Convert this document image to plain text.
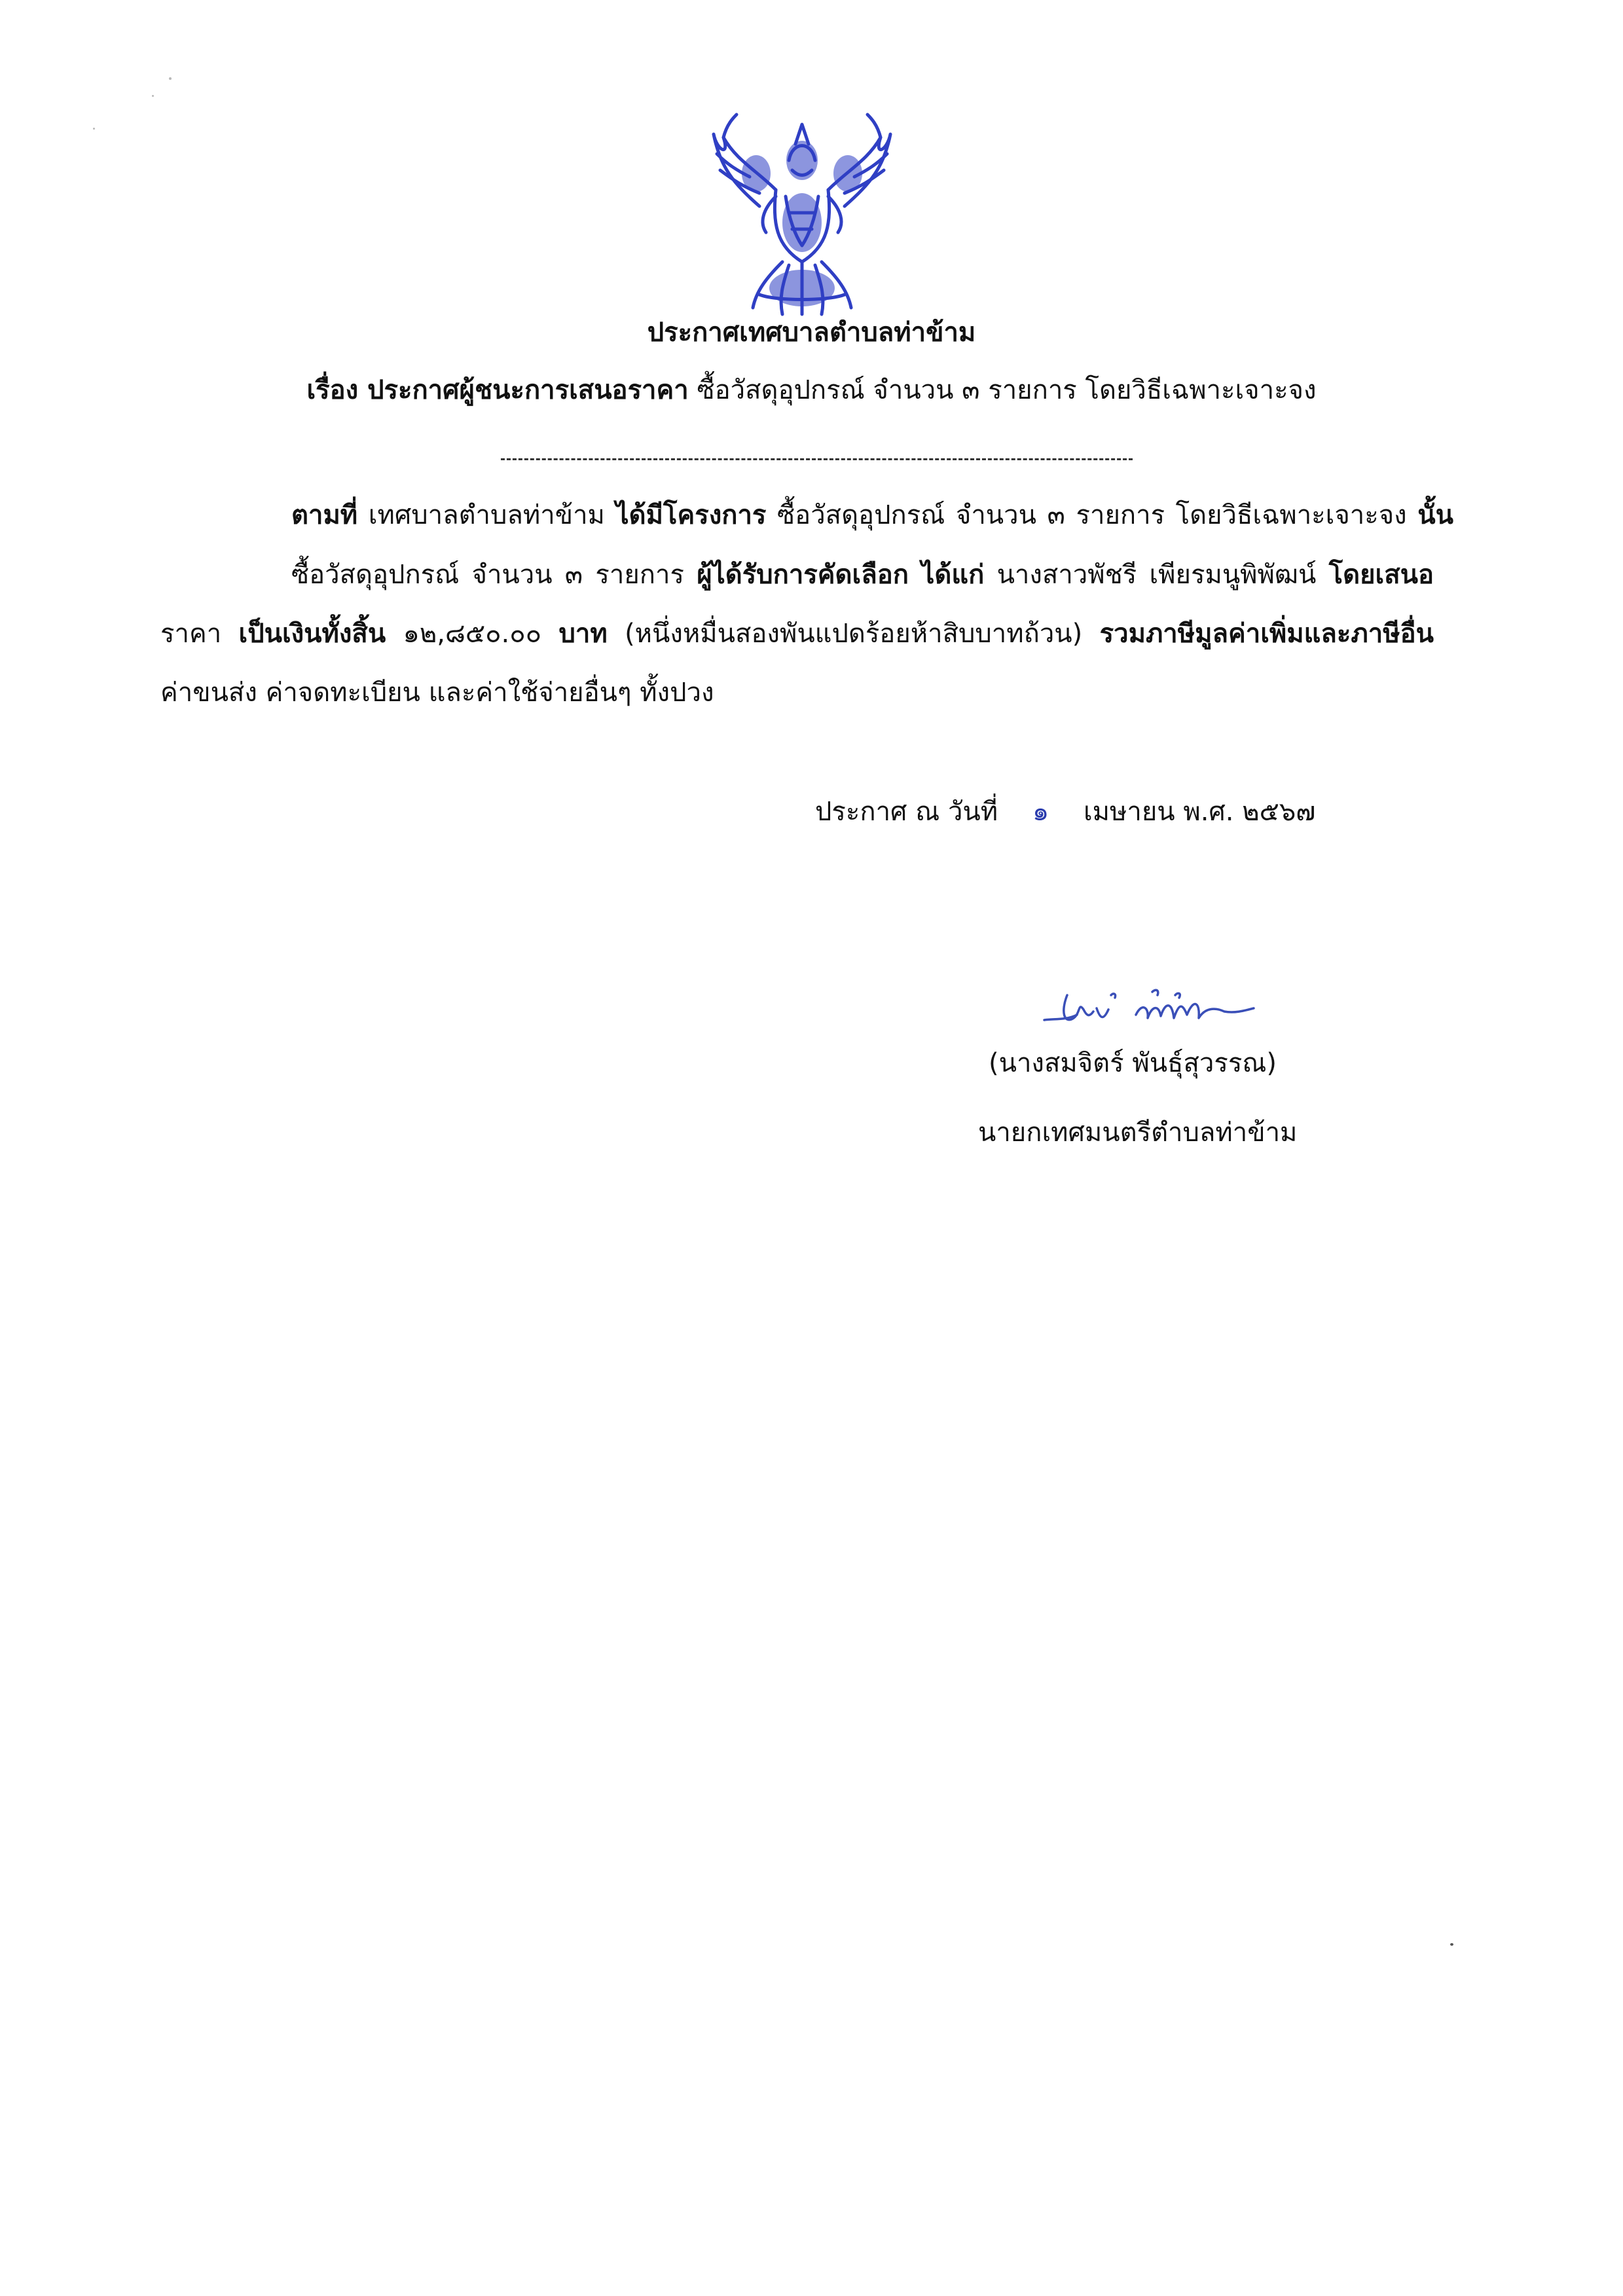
ประกาศเทศบาลตำบลท่าข้าม
เรื่อง ประกาศผู้ชนะการเสนอราคา ซื้อวัสดุอุปกรณ์ จำนวน ๓ รายการ โดยวิธีเฉพาะเจาะจง
ตามที่ เทศบาลตำบลท่าข้าม ได้มีโครงการ ซื้อวัสดุอุปกรณ์ จำนวน ๓ รายการ โดยวิธีเฉพาะเจาะจง นั้น
ซื้อวัสดุอุปกรณ์ จำนวน ๓ รายการ ผู้ได้รับการคัดเลือก ได้แก่ นางสาวพัชรี เพียรมนูพิพัฒน์ โดยเสนอ
ราคา เป็นเงินทั้งสิ้น ๑๒,๘๕๐.๐๐ บาท (หนึ่งหมื่นสองพันแปดร้อยห้าสิบบาทถ้วน) รวมภาษีมูลค่าเพิ่มและภาษีอื่น
ค่าขนส่ง ค่าจดทะเบียน และค่าใช้จ่ายอื่นๆ ทั้งปวง
ประกาศ ณ วันที่ ๑ เมษายน พ.ศ. ๒๕๖๗
(นางสมจิตร์ พันธุ์สุวรรณ)
นายกเทศมนตรีตำบลท่าข้าม
